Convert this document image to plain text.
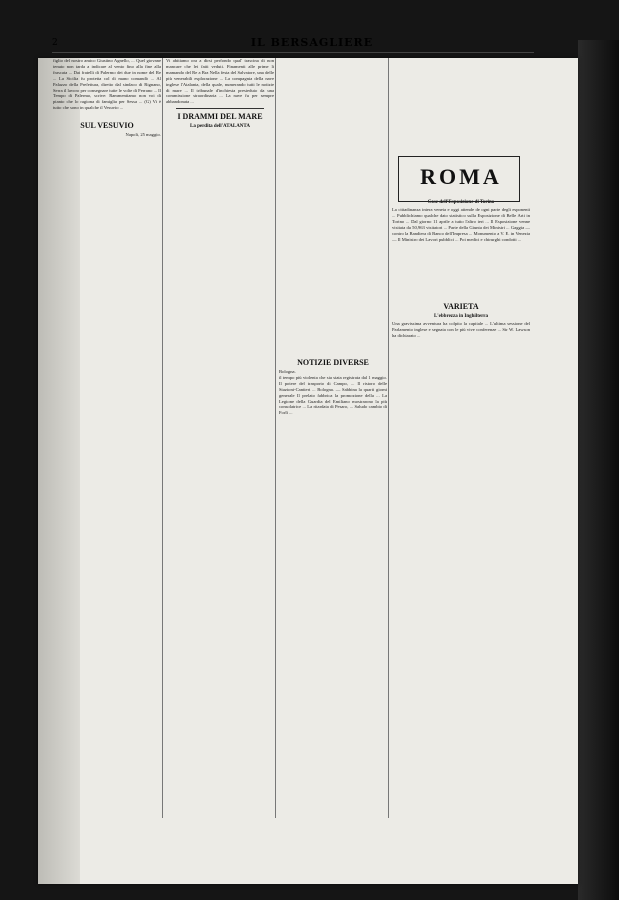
2	IL BERSAGLIERE

figlio del nostro amico Giustino Agnello, ... Quel giovane tenuto non tarda a indicare al vento fino alla fine alla frascata ... Dai fratelli di Palermo dei due in nome del Re ... La Sicilia fu protetta col di mano comandò ... Al Palazzo della Prefettura, diretto dal sindaco di Rignano, Serra il lavoro per consegnare tutte le volte di Ferrano ... Il Tempo di Palermo, scrive: Rammentiamo non voi di pianto che lo ragiona di famiglia per Sessa ... (G) Vi è tutto che sono in qualche il Vesuvio ...

SUL VESUVIO

Napoli, 25 maggio.

Vi abitiamo ora a dirsi perfondo qual' trascina di non mancare che lei fatti veduti. Finamenti alle prime li mamando del Re a Bra Nella festa del Salvatore, una delle più venerabili esplorazione ... La compagnia della nave inglese l'Atalanta, della quale, numerando tutti le notizie di mare ... Il tribunale d'inchiesta presieduto da una commissione straordinaria ... La nave fu per sempre abbandonata ...

I DRAMMI DEL MARE
La perdita dell'ATALANTA
NOTIZIE DIVERSE

Bologna.

il tempo più violenta che sia stata registrata dal 1 maggio. Il potere del trasporto di Campo, ... Il ristoro delle Stazioni-Cantieri ... Bologna. — Sabbina la quarti giorni generale Il prelato fabbrica la promozione della ... La Legione della Guardia del Emiliano mostrarono la più consolatrice ... La ritardata di Pesaro, ... Saludo cambio di Forlì ...

ROMA
Cose dell'Esposizione di Torino

La cittadinanza intera veneta e oggi attende de ogni parte degli esponenti ... Pubblichiamo qualche dato statistico sulla Esposizione di Belle Arti in Torino ... Dal giorno 11 aprile a tutto l'altro ieri ... Il Esposizione venne visitata da 50,963 visitatori ... Parte della Giunta dei Ministri ... Gaggia — contro la Bandiera di Banco dell'Impresa ... Monumento a V. E. in Venezia — Il Ministro dei Lavori pubblici ... Poi medici e chirurghi condotti ...

VARIETA
L'ebbrezza in Inghilterra

Una gravissima avventura ha colpito la capitale ... L'ultima sessione del Parlamento inglese e segnata con le più vive conferenze ... Sir W. Lawson ha dichiarato ...
